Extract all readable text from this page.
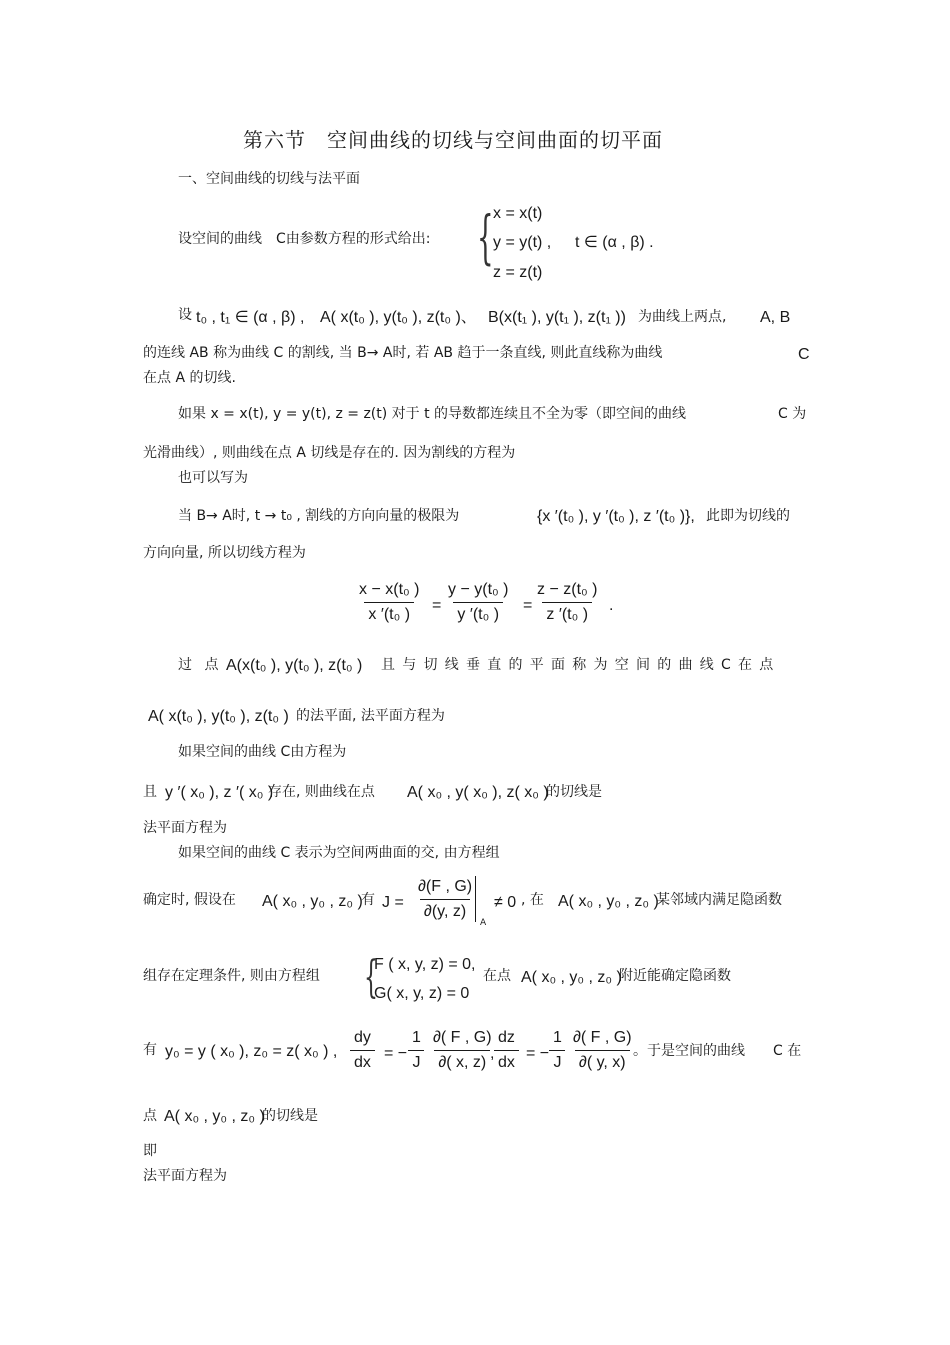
第六节　空间曲线的切线与空间曲面的切平面
一、空间曲线的切线与法平面
设空间的曲线　C由参数方程的形式给出: { x = x(t)
y = y(t) ,
z = z(t)
t ∈ (α , β) .
设 t₀ , t₁ ∈ (α , β) , A( x(t₀ ), y(t₀ ), z(t₀ )、 B(x(t₁ ), y(t₁ ), z(t₁ )) 为曲线上两点, A, B
的连线 AB 称为曲线 C 的割线, 当 B→ A时, 若 AB 趋于一条直线, 则此直线称为曲线	C
在点 A 的切线.
如果 x = x(t), y = y(t), z = z(t) 对于 t 的导数都连续且不全为零（即空间的曲线	C 为
光滑曲线）, 则曲线在点 A 切线是存在的. 因为割线的方程为
也可以写为
当 B→ A时, t → t₀ , 割线的方向向量的极限为	{x ′(t₀ ), y ′(t₀ ), z ′(t₀ )}, 此即为切线的
方向向量, 所以切线方程为
$\frac{\text{x − x(t₀ )}}{\text{x ′(t₀ )}} = \frac{\text{y − y(t₀ )}}{\text{y ′(t₀ )}} = \frac{\text{z − z(t₀ )}}{\text{z ′(t₀ )}}$ .
过 点 A(x(t₀ ), y(t₀ ), z(t₀ ) 且 与 切 线 垂 直 的 平 面 称 为 空 间 的 曲 线 C 在 点
A( x(t₀ ), y(t₀ ), z(t₀ ) 的法平面, 法平面方程为
如果空间的曲线 C由方程为
且 y ′( x₀ ), z ′( x₀ )
存在, 则曲线在点 A( x₀ , y( x₀ ), z( x₀ )
的切线是
法平面方程为
如果空间的曲线 C 表示为空间两曲面的交, 由方程组
确定时, 假设在 A( x₀ , y₀ , z₀ )
有 $J = \frac{\partial(F , G)}{\partial(y, z)}$
A
≠ 0 , 在 A( x₀ , y₀ , z₀ )
某邻域内满足隐函数
组存在定理条件, 则由方程组 {
F ( x, y, z) = 0,
G( x, y, z) = 0
在点 A( x₀ , y₀ , z₀ )
附近能确定隐函数
有 y₀ = y ( x₀ ), z₀ = z( x₀ ) , $\frac{dy}{dx}$ = − $\frac{1}{J} \frac{\partial( F , G)}{\partial( x, z)}$
, $\frac{dz}{dx}$ = − $\frac{1}{J} \frac{\partial( F , G)}{\partial( y, x)}$
。于是空间的曲线 C 在
点 A( x₀ , y₀ , z₀ )
的切线是
即
法平面方程为
